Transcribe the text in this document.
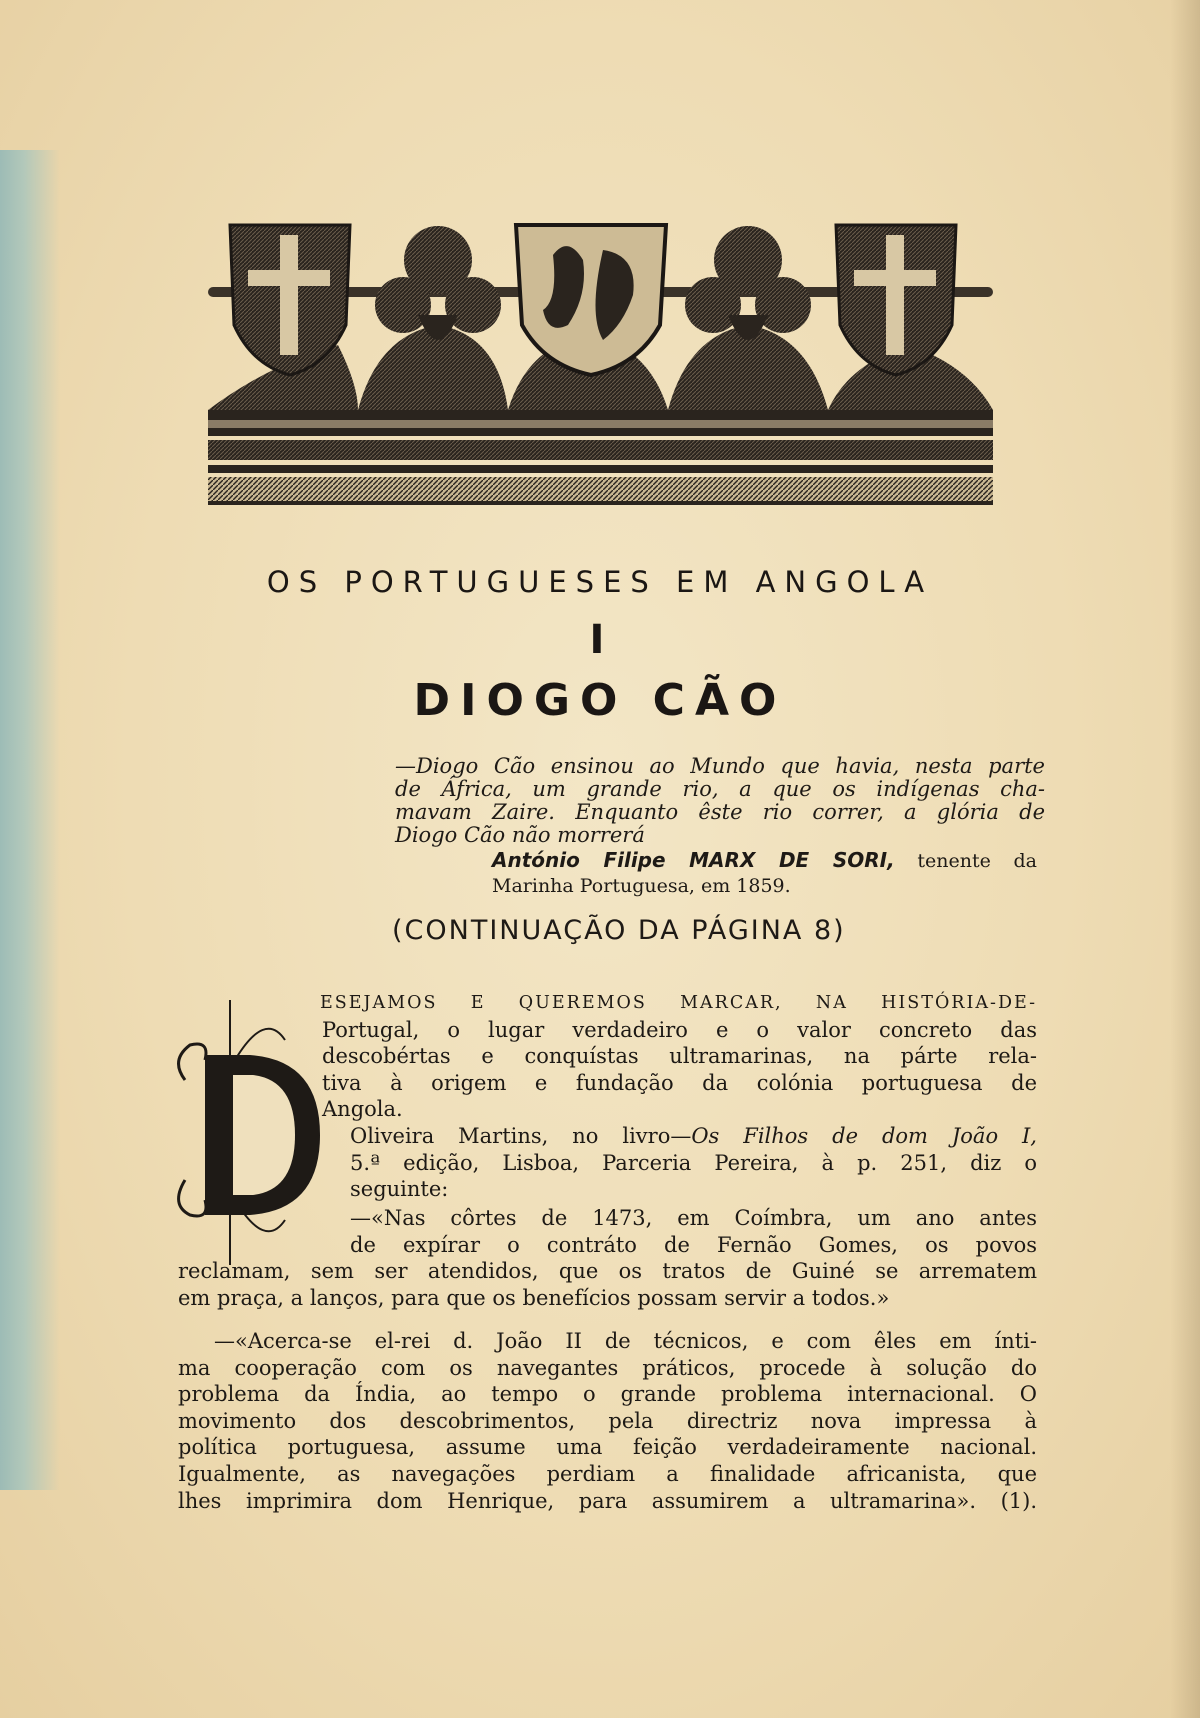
OS PORTUGUESES EM ANGOLA
I
DIOGO CÃO
—Diogo Cão ensinou ao Mundo que havia, nesta parte
de África, um grande rio, a que os indígenas cha-
mavam Zaire. Enquanto êste rio correr, a glória de
Diogo Cão não morrerá
António Filipe MARX DE SORI, tenente da
Marinha Portuguesa, em 1859.
(CONTINUAÇÃO DA PÁGINA 8)
D
ESEJAMOS E QUEREMOS MARCAR, NA HISTÓRIA-DE-
Portugal, o lugar verdadeiro e o valor concreto das
descobértas e conquístas ultramarinas, na párte rela-
tiva à origem e fundação da colónia portuguesa de
Angola.
Oliveira Martins, no livro—Os Filhos de dom João I,
5.ª edição, Lisboa, Parceria Pereira, à p. 251, diz o
seguinte:
—«Nas côrtes de 1473, em Coímbra, um ano antes
de expírar o contráto de Fernão Gomes, os povos
reclamam, sem ser atendidos, que os tratos de Guiné se arrematem
em praça, a lanços, para que os benefícios possam servir a todos.»
—«Acerca-se el-rei d. João II de técnicos, e com êles em ínti-
ma cooperação com os navegantes práticos, procede à solução do
problema da Índia, ao tempo o grande problema internacional. O
movimento dos descobrimentos, pela directriz nova impressa à
política portuguesa, assume uma feição verdadeiramente nacional.
Igualmente, as navegações perdiam a finalidade africanista, que
lhes imprimira dom Henrique, para assumirem a ultramarina». (1).
